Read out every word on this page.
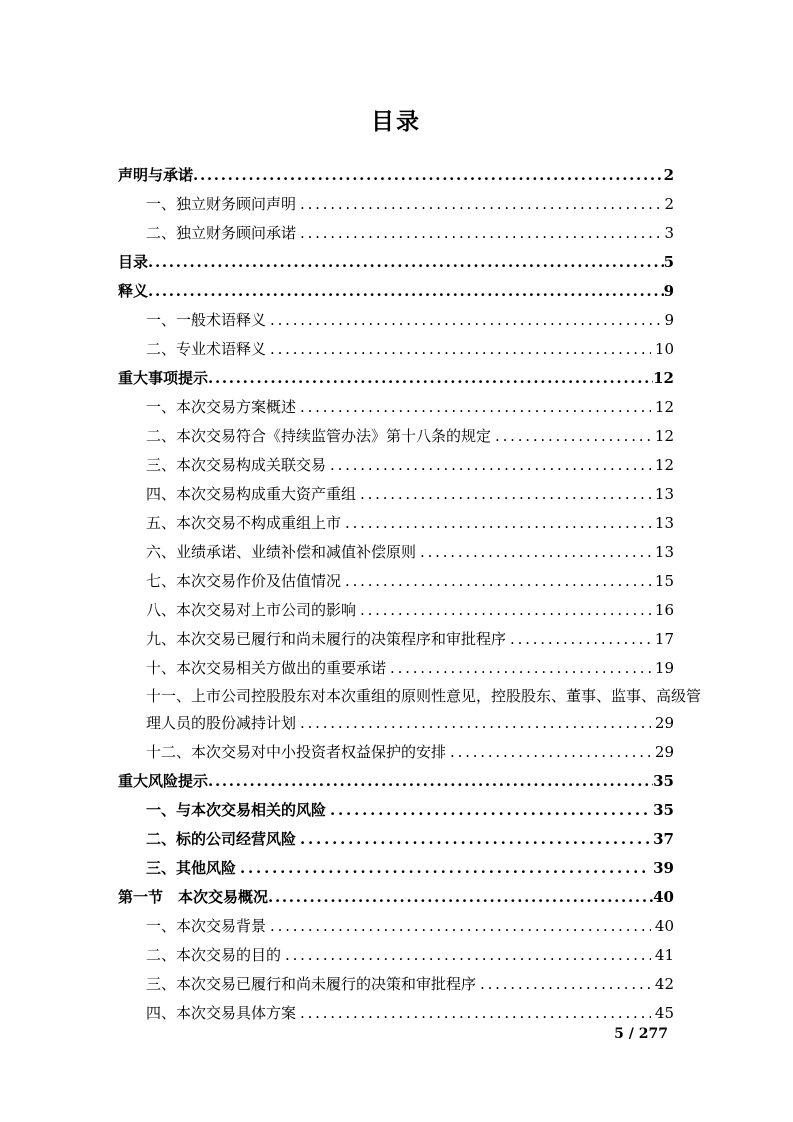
目录
声明与承诺 .....	2
一、独立财务顾问声明 .....	2
二、独立财务顾问承诺 .....	3
目录 .....	5
释义 .....	9
一、一般术语释义 .....	9
二、专业术语释义 .....	10
重大事项提示 .....	12
一、本次交易方案概述 .....	12
二、本次交易符合《持续监管办法》第十八条的规定 .....	12
三、本次交易构成关联交易 .....	12
四、本次交易构成重大资产重组 .....	13
五、本次交易不构成重组上市 .....	13
六、业绩承诺、业绩补偿和减值补偿原则 .....	13
七、本次交易作价及估值情况 .....	15
八、本次交易对上市公司的影响 .....	16
九、本次交易已履行和尚未履行的决策程序和审批程序 .....	17
十、本次交易相关方做出的重要承诺 .....	19
十一、上市公司控股股东对本次重组的原则性意见，控股股东、董事、监事、高级管
理人员的股份减持计划 .....	29
十二、本次交易对中小投资者权益保护的安排 .....	29
重大风险提示 .....	35
一、与本次交易相关的风险 .....	35
二、标的公司经营风险 .....	37
三、其他风险 .....	39
第一节　本次交易概况 .....	40
一、本次交易背景 .....	40
二、本次交易的目的 .....	41
三、本次交易已履行和尚未履行的决策和审批程序 .....	42
四、本次交易具体方案 .....	45
5 / 277
